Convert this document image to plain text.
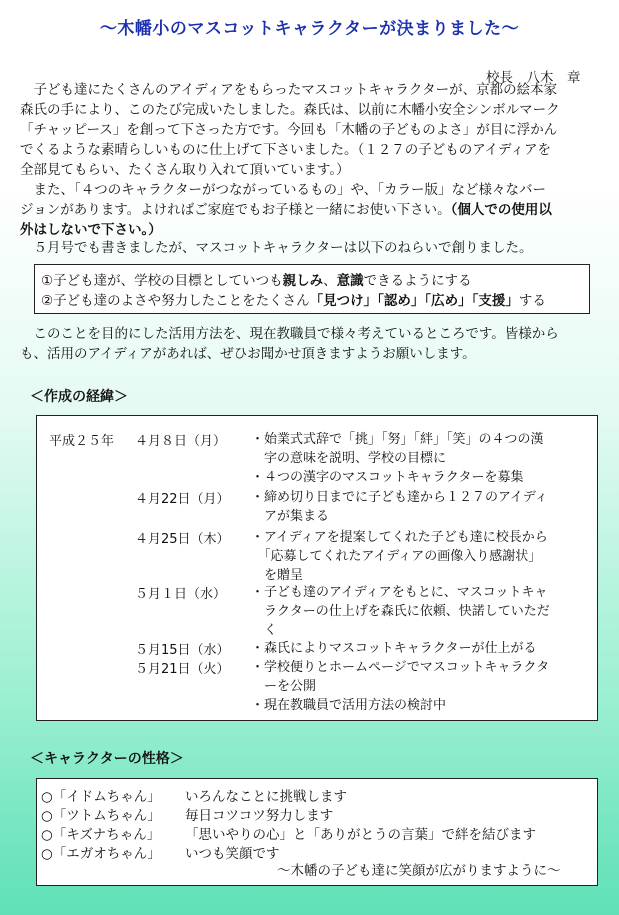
～木幡小のマスコットキャラクターが決まりました～
校長　八木　章
　子ども達にたくさんのアイディアをもらったマスコットキャラクターが、京都の絵本家
森氏の手により、このたび完成いたしました。森氏は、以前に木幡小安全シンボルマーク
「チャッピース」を創って下さった方です。今回も「木幡の子どものよさ」が目に浮かん
でくるような素晴らしいものに仕上げて下さいました。（１２７の子どものアイディアを
全部見てもらい、たくさん取り入れて頂いています。）
　また、「４つのキャラクターがつながっているもの」や、「カラー版」など様々なバー
ジョンがあります。よければご家庭でもお子様と一緒にお使い下さい。（個人での使用以
外はしないで下さい。）
　５月号でも書きましたが、マスコットキャラクターは以下のねらいで創りました。
①子ども達が、学校の目標としていつも親しみ、意識できるようにする
②子ども達のよさや努力したことをたくさん「見つけ」「認め」「広め」「支援」する
　このことを目的にした活用方法を、現在教職員で様々考えているところです。皆様から
も、活用のアイディアがあれば、ぜひお聞かせ頂きますようお願いします。
＜作成の経緯＞
平成２５年 ４月８日（月）	・始業式式辞で「挑」「努」「絆」「笑」の４つの漢
　字の意味を説明、学校の目標に
・４つの漢字のマスコットキャラクターを募集
４月22日（月）	・締め切り日までに子ども達から１２７のアイディ
　アが集まる
４月25日（木）	・アイディアを提案してくれた子ども達に校長から
　「応募してくれたアイディアの画像入り感謝状」
　を贈呈
５月１日（水）	・子ども達のアイディアをもとに、マスコットキャ
　ラクターの仕上げを森氏に依頼、快諾していただ
　く
５月15日（水）	・森氏によりマスコットキャラクターが仕上がる
５月21日（火）	・学校便りとホームページでマスコットキャラクタ
　ーを公開
・現在教職員で活用方法の検討中
＜キャラクターの性格＞
○「イドムちゃん」 いろんなことに挑戦します
○「ツトムちゃん」 毎日コツコツ努力します
○「キズナちゃん」 「思いやりの心」と「ありがとうの言葉」で絆を結びます
○「エガオちゃん」 いつも笑顔です
～木幡の子ども達に笑顔が広がりますように～
